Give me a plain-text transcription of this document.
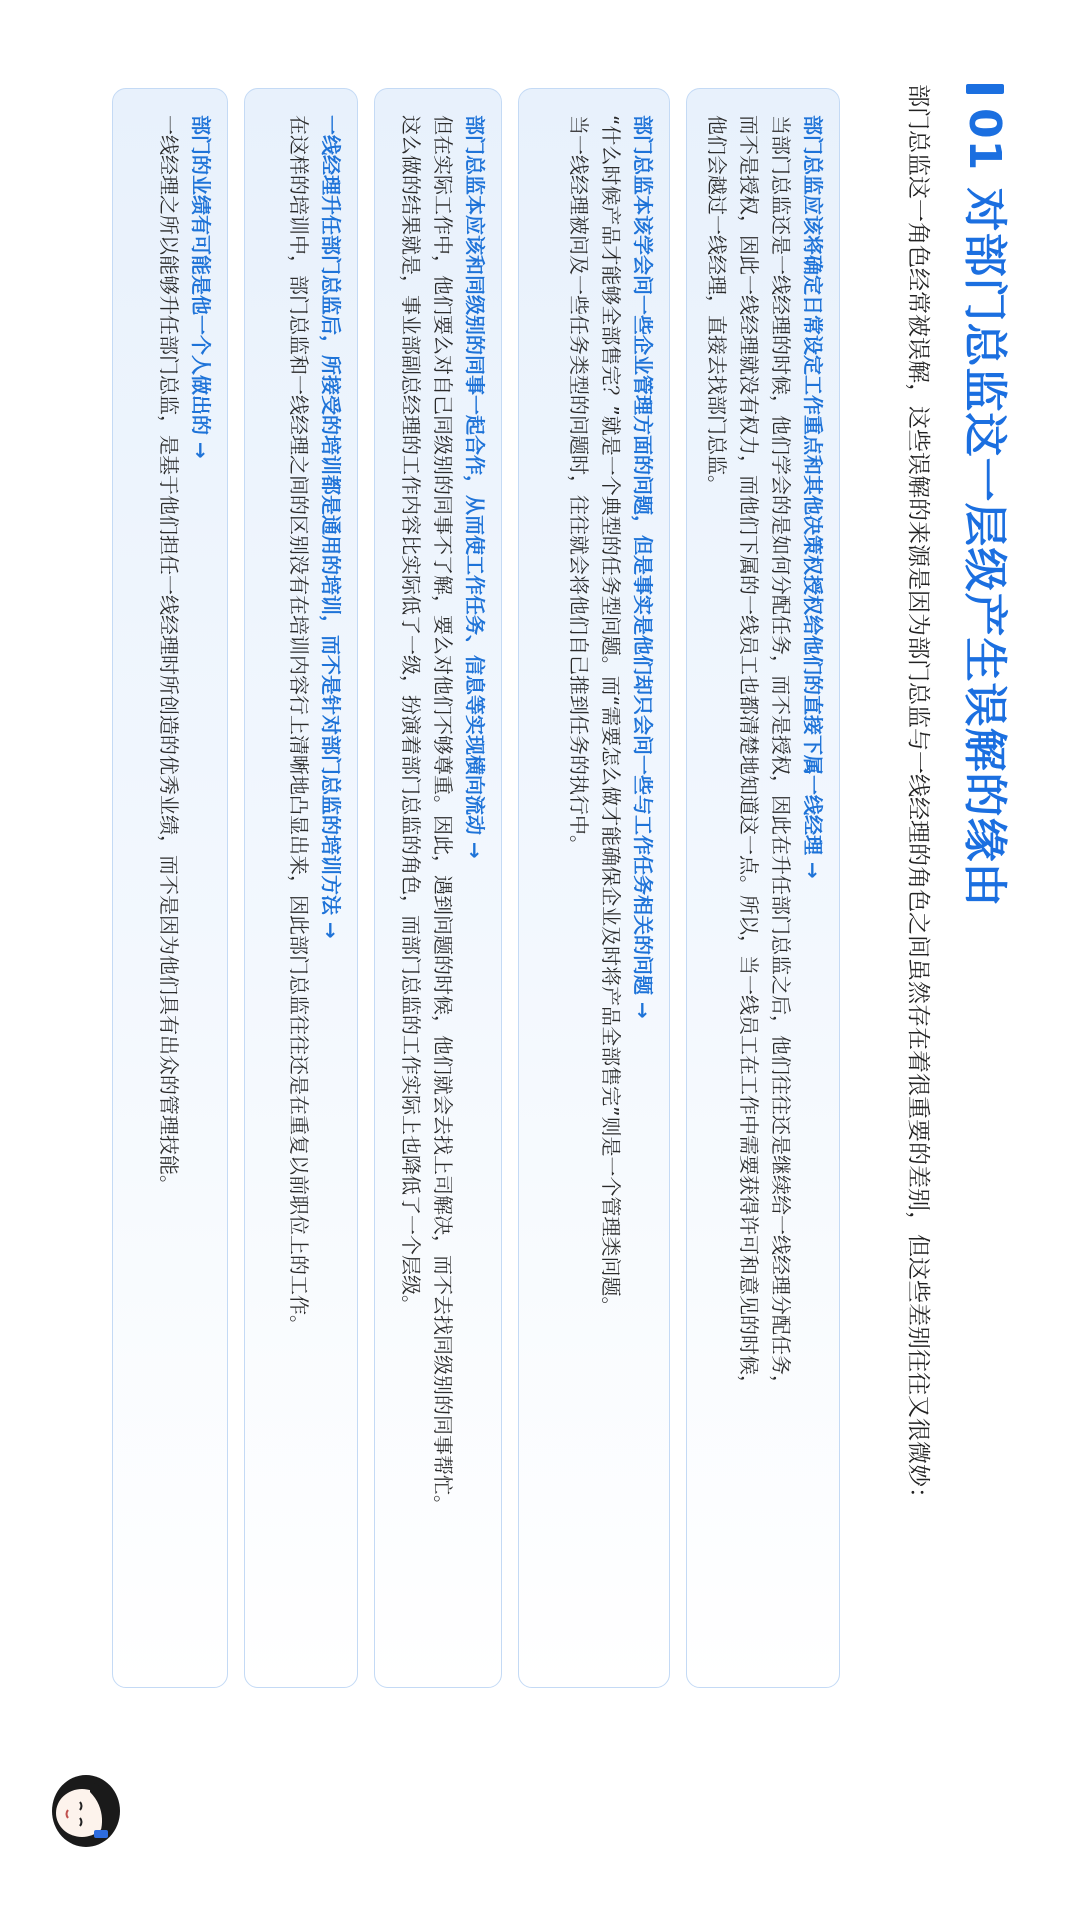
01 对部门总监这一层级产生误解的缘由
部门总监这一角色经常被误解，这些误解的来源是因为部门总监与一线经理的角色之间虽然存在着很重要的差别，但这些差别往往又很微妙：
部门总监应该将确定日常设定工作重点和其他决策权授权给他们的直接下属一线经理 →
当部门总监还是一线经理的时候，他们学会的是如何分配任务，而不是授权，因此在升任部门总监之后，他们往往还是继续给一线经理分配任务，
而不是授权，因此一线经理就没有权力，而他们下属的一线员工也都清楚地知道这一点。所以，当一线员工在工作中需要获得许可和意见的时候，
他们会越过一线经理，直接去找部门总监。
部门总监本该学会问一些企业管理方面的问题，但是事实是他们却只会问一些与工作任务相关的问题 →
“什么时候产品才能够全部售完？”就是一个典型的任务型问题。而“需要怎么做才能确保企业及时将产品全部售完”则是一个管理类问题。
当一线经理被问及一些任务类型的问题时，往往就会将他们自己推到任务的执行中。
部门总监本应该和同级别的同事一起合作，从而使工作任务、信息等实现横向流动 →
但在实际工作中，他们要么对自己同级别的同事不了解，要么对他们不够尊重。因此，遇到问题的时候，他们就会去找上司解决，而不去找同级别的同事帮忙。
这么做的结果就是，事业部副总经理的工作内容比实际低了一级，扮演着部门总监的角色，而部门总监的工作实际上也降低了一个层级。
一线经理升任部门总监后，所接受的培训都是通用的培训，而不是针对部门总监的培训方法 →
在这样的培训中，部门总监和一线经理之间的区别没有在培训内容行上清晰地凸显出来，因此部门总监往往还是在重复以前职位上的工作。
部门的业绩有可能是他一个人做出的 →
一线经理之所以能够升任部门总监，是基于他们担任一线经理时所创造的优秀业绩，而不是因为他们具有出众的管理技能。
